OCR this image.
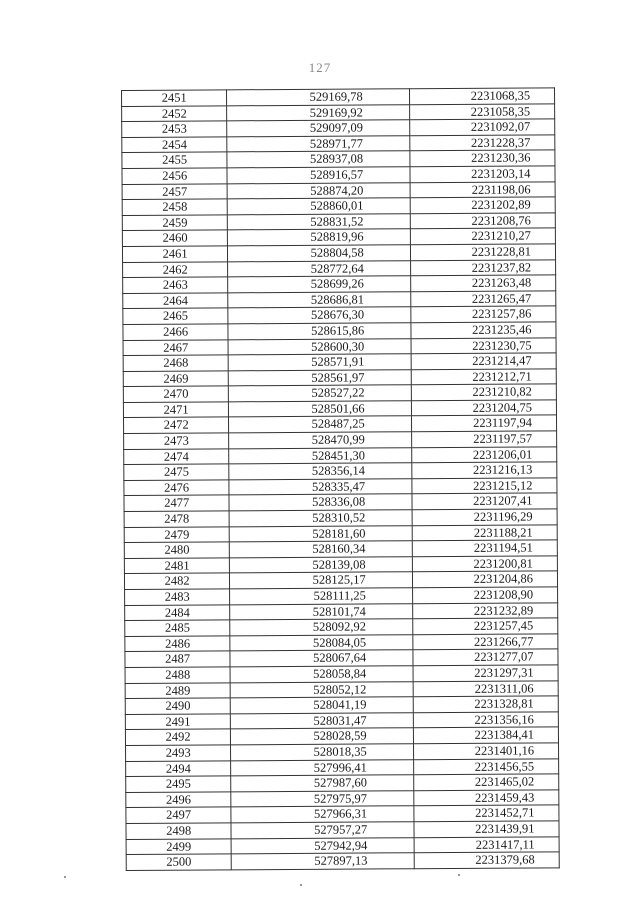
127
2451	529169,78	2231068,35
2452	529169,92	2231058,35
2453	529097,09	2231092,07
2454	528971,77	2231228,37
2455	528937,08	2231230,36
2456	528916,57	2231203,14
2457	528874,20	2231198,06
2458	528860,01	2231202,89
2459	528831,52	2231208,76
2460	528819,96	2231210,27
2461	528804,58	2231228,81
2462	528772,64	2231237,82
2463	528699,26	2231263,48
2464	528686,81	2231265,47
2465	528676,30	2231257,86
2466	528615,86	2231235,46
2467	528600,30	2231230,75
2468	528571,91	2231214,47
2469	528561,97	2231212,71
2470	528527,22	2231210,82
2471	528501,66	2231204,75
2472	528487,25	2231197,94
2473	528470,99	2231197,57
2474	528451,30	2231206,01
2475	528356,14	2231216,13
2476	528335,47	2231215,12
2477	528336,08	2231207,41
2478	528310,52	2231196,29
2479	528181,60	2231188,21
2480	528160,34	2231194,51
2481	528139,08	2231200,81
2482	528125,17	2231204,86
2483	528111,25	2231208,90
2484	528101,74	2231232,89
2485	528092,92	2231257,45
2486	528084,05	2231266,77
2487	528067,64	2231277,07
2488	528058,84	2231297,31
2489	528052,12	2231311,06
2490	528041,19	2231328,81
2491	528031,47	2231356,16
2492	528028,59	2231384,41
2493	528018,35	2231401,16
2494	527996,41	2231456,55
2495	527987,60	2231465,02
2496	527975,97	2231459,43
2497	527966,31	2231452,71
2498	527957,27	2231439,91
2499	527942,94	2231417,11
2500	527897,13	2231379,68
